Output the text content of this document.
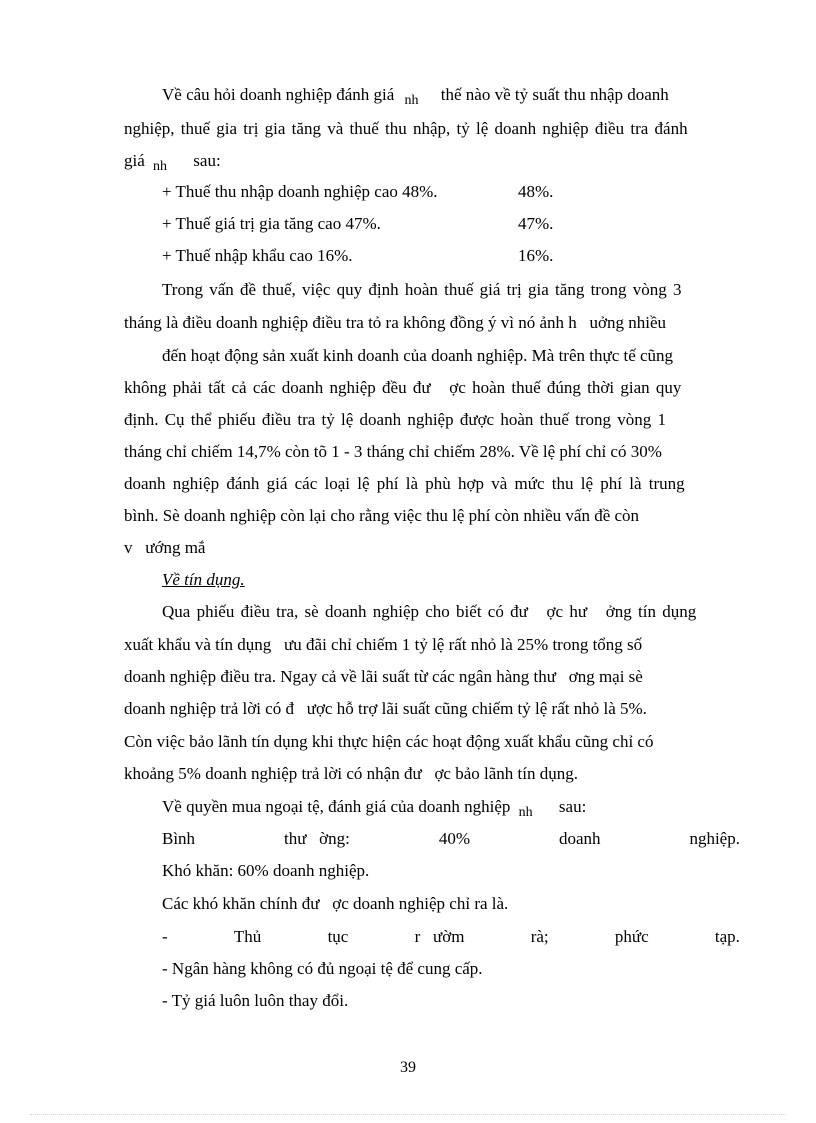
Về câu hỏi doanh nghiệp đánh giá $_{nh}$ thế nào về tỷ suất thu nhập doanh
nghiệp, thuế gia trị gia tăng và thuế thu nhập, tỷ lệ doanh nghiệp điều tra đánh
giá $_{nh}$ sau:
+ Thuế thu nhập doanh nghiệp cao 48%.	48%.
+ Thuế giá trị gia tăng cao 47%.	47%.
+ Thuế nhập khẩu cao 16%.	16%.
Trong vấn đề thuế, việc quy định hoàn thuế giá trị gia tăng trong vòng 3
tháng là điều doanh nghiệp điều tra tỏ ra không đồng ý vì nó ảnh h   uởng nhiều
đến hoạt động sản xuất kinh doanh của doanh nghiệp. Mà trên thực tế cũng
không phải tất cả các doanh nghiệp đều đư   ợc hoàn thuế đúng thời gian quy
định. Cụ thể phiếu điều tra tỷ lệ doanh nghiệp được hoàn thuế trong vòng 1
tháng chỉ chiếm 14,7% còn tõ 1 - 3 tháng chỉ chiếm 28%. Về lệ phí chỉ có 30%
doanh nghiệp đánh giá các loại lệ phí là phù hợp và mức thu lệ phí là trung
bình. Sè doanh nghiệp còn lại cho rằng việc thu lệ phí còn nhiều vấn đề còn
v   ướng mắ
Về tín dụng.
Qua phiếu điều tra, sè doanh nghiệp cho biết có đư   ợc hư   ởng tín dụng
xuất khẩu và tín dụng   ưu đãi chỉ chiếm 1 tỷ lệ rất nhỏ là 25% trong tổng số
doanh nghiệp điều tra. Ngay cả về lãi suất từ các ngân hàng thư   ơng mại sè
doanh nghiệp trả lời có đ   ược hỗ trợ lãi suất cũng chiếm tỷ lệ rất nhỏ là 5%.
Còn việc bảo lãnh tín dụng khi thực hiện các hoạt động xuất khẩu cũng chỉ có
khoảng 5% doanh nghiệp trả lời có nhận đư   ợc bảo lãnh tín dụng.
Về quyền mua ngoại tệ, đánh giá của doanh nghiệp $_{nh}$ sau:
Bình	thư   ờng:	40%	doanh	nghiệp.
Khó khăn: 60% doanh nghiệp.
Các khó khăn chính đư   ợc doanh nghiệp chỉ ra là.
-	Thủ	tục	r   ườm	rà;	phức	tạp.
- Ngân hàng không có đủ ngoại tệ để cung cấp.
- Tỷ giá luôn luôn thay đổi.
39
